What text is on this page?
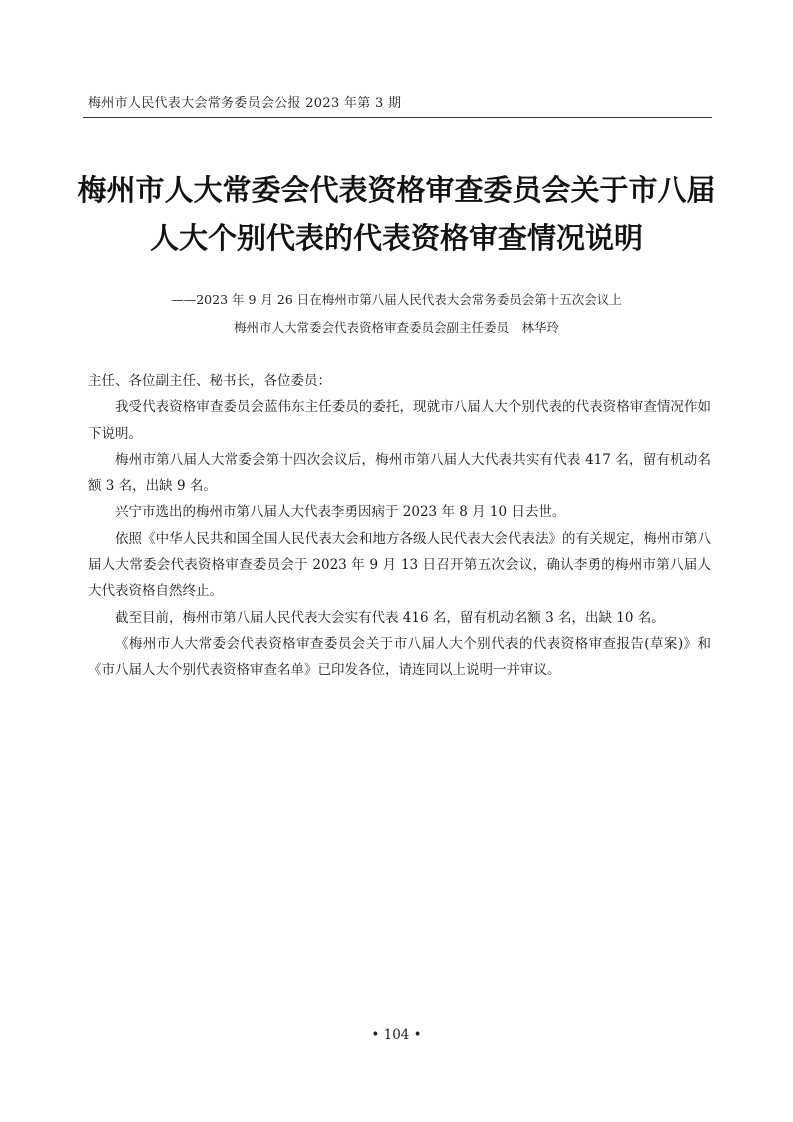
梅州市人民代表大会常务委员会公报 2023 年第 3 期
梅州市人大常委会代表资格审查委员会关于市八届
人大个别代表的代表资格审查情况说明
——2023 年 9 月 26 日在梅州市第八届人民代表大会常务委员会第十五次会议上
梅州市人大常委会代表资格审查委员会副主任委员　林华玲

主任、各位副主任、秘书长，各位委员：

我受代表资格审查委员会蓝伟东主任委员的委托，现就市八届人大个别代表的代表资格审查情况作如下说明。

梅州市第八届人大常委会第十四次会议后，梅州市第八届人大代表共实有代表 417 名，留有机动名额 3 名，出缺 9 名。

兴宁市选出的梅州市第八届人大代表李勇因病于 2023 年 8 月 10 日去世。

依照《中华人民共和国全国人民代表大会和地方各级人民代表大会代表法》的有关规定，梅州市第八届人大常委会代表资格审查委员会于 2023 年 9 月 13 日召开第五次会议，确认李勇的梅州市第八届人大代表资格自然终止。

截至目前，梅州市第八届人民代表大会实有代表 416 名，留有机动名额 3 名，出缺 10 名。

《梅州市人大常委会代表资格审查委员会关于市八届人大个别代表的代表资格审查报告(草案)》和《市八届人大个别代表资格审查名单》已印发各位，请连同以上说明一并审议。

• 104 •
